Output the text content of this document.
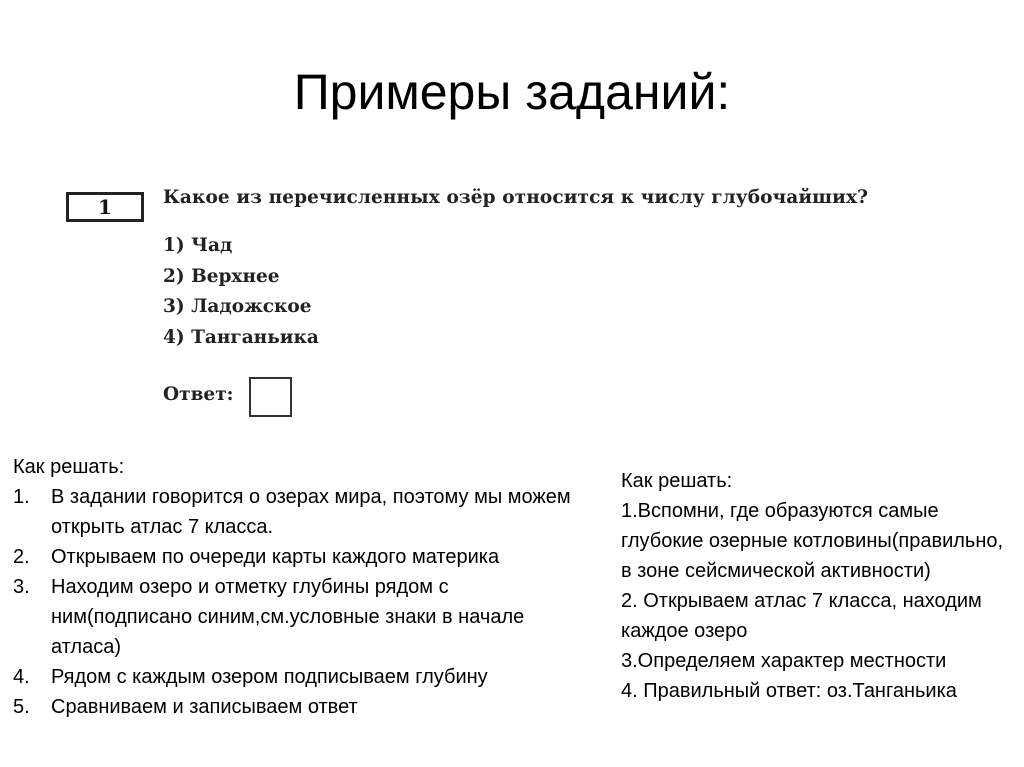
Примеры заданий:
1	Какое из перечисленных озёр относится к числу глубочайших?
1) Чад
2) Верхнее
3) Ладожское
4) Танганьика
Ответ:

Как решать:

1.	В задании говорится о озерах мира, поэтому мы можем открыть атлас 7 класса.
2.	Открываем по очереди карты каждого материка
3.	Находим озеро и отметку глубины рядом с ним(подписано синим,см.условные знаки в начале атласа)
4.	Рядом с каждым озером подписываем глубину
5.	Сравниваем и записываем ответ

Как решать:

1.Вспомни, где образуются самые глубокие озерные котловины(правильно, в зоне сейсмической активности)

2. Открываем атлас 7 класса, находим каждое озеро

3.Определяем характер местности

4. Правильный ответ: оз.Танганьика
